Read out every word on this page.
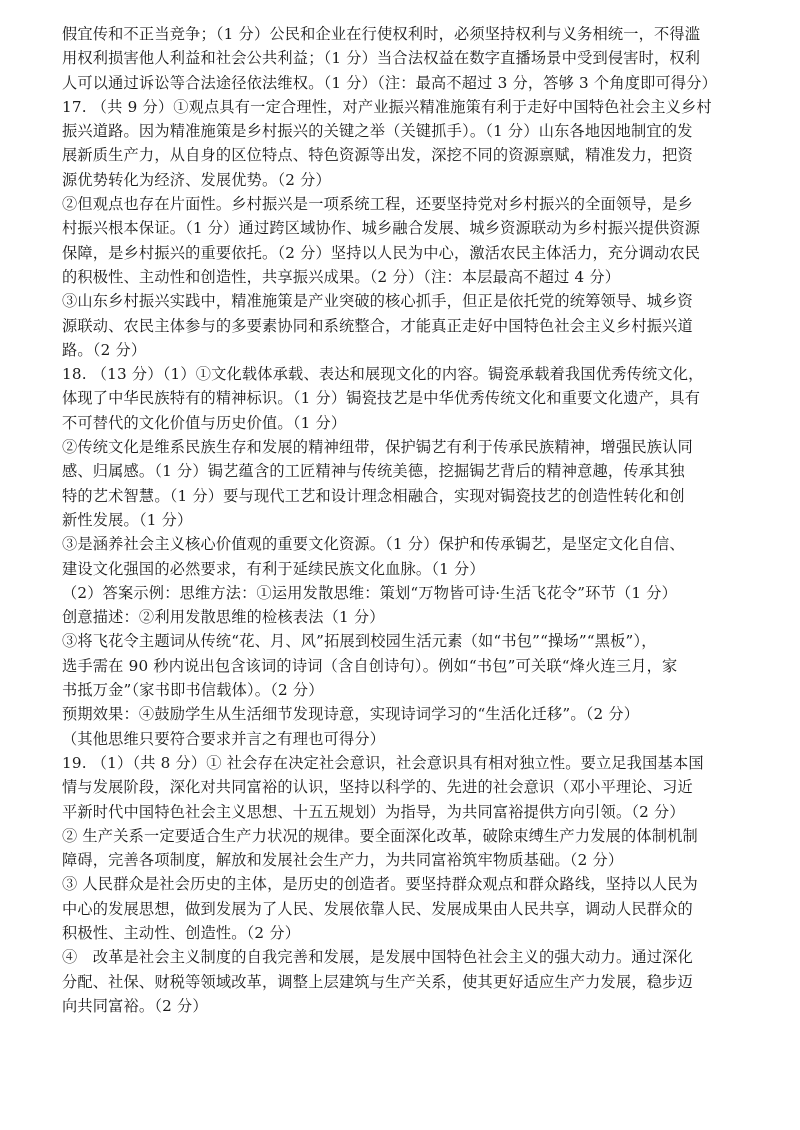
假宜传和不正当竞争；（1 分）公民和企业在行使权利时，必须坚持权利与义务相统一，不得滥
用权利损害他人利益和社会公共利益；（1 分）当合法权益在数字直播场景中受到侵害时，权利
人可以通过诉讼等合法途径依法维权。（1 分）（注：最高不超过 3 分，答够 3 个角度即可得分）
17. （共 9 分）①观点具有一定合理性，对产业振兴精准施策有利于走好中国特色社会主义乡村
振兴道路。因为精准施策是乡村振兴的关键之举（关键抓手）。（1 分）山东各地因地制宜的发
展新质生产力，从自身的区位特点、特色资源等出发，深挖不同的资源禀赋，精准发力，把资
源优势转化为经济、发展优势。（2 分）
②但观点也存在片面性。乡村振兴是一项系统工程，还要坚持党对乡村振兴的全面领导，是乡
村振兴根本保证。（1 分）通过跨区域协作、城乡融合发展、城乡资源联动为乡村振兴提供资源
保障，是乡村振兴的重要依托。（2 分）坚持以人民为中心，激活农民主体活力，充分调动农民
的积极性、主动性和创造性，共享振兴成果。（2 分）（注：本层最高不超过 4 分）
③山东乡村振兴实践中，精准施策是产业突破的核心抓手，但正是依托党的统筹领导、城乡资
源联动、农民主体参与的多要素协同和系统整合，才能真正走好中国特色社会主义乡村振兴道
路。（2 分）
18. （13 分）（1）①文化载体承载、表达和展现文化的内容。锔瓷承载着我国优秀传统文化，
体现了中华民族特有的精神标识。（1 分）锔瓷技艺是中华优秀传统文化和重要文化遗产，具有
不可替代的文化价值与历史价值。（1 分）
②传统文化是维系民族生存和发展的精神纽带，保护锔艺有利于传承民族精神，增强民族认同
感、归属感。（1 分）锔艺蕴含的工匠精神与传统美德，挖掘锔艺背后的精神意趣，传承其独
特的艺术智慧。（1 分）要与现代工艺和设计理念相融合，实现对锔瓷技艺的创造性转化和创
新性发展。（1 分）
③是涵养社会主义核心价值观的重要文化资源。（1 分）保护和传承锔艺，是坚定文化自信、
建设文化强国的必然要求，有利于延续民族文化血脉。（1 分）
（2）答案示例：思维方法：①运用发散思维：策划“万物皆可诗·生活飞花令”环节（1 分）
创意描述：②利用发散思维的检核表法（1 分）
③将飞花令主题词从传统“花、月、风”拓展到校园生活元素（如“书包”“操场”“黑板”），
选手需在 90 秒内说出包含该词的诗词（含自创诗句）。例如“书包”可关联“烽火连三月，家
书抵万金”（家书即书信载体）。（2 分）
预期效果：④鼓励学生从生活细节发现诗意，实现诗词学习的“生活化迁移”。（2 分）
（其他思维只要符合要求并言之有理也可得分）
19. （1）（共 8 分）① 社会存在决定社会意识，社会意识具有相对独立性。要立足我国基本国
情与发展阶段，深化对共同富裕的认识，坚持以科学的、先进的社会意识（邓小平理论、习近
平新时代中国特色社会主义思想、十五五规划）为指导，为共同富裕提供方向引领。（2 分）
② 生产关系一定要适合生产力状况的规律。要全面深化改革，破除束缚生产力发展的体制机制
障碍，完善各项制度，解放和发展社会生产力，为共同富裕筑牢物质基础。（2 分）
③ 人民群众是社会历史的主体，是历史的创造者。要坚持群众观点和群众路线，坚持以人民为
中心的发展思想，做到发展为了人民、发展依靠人民、发展成果由人民共享，调动人民群众的
积极性、主动性、创造性。（2 分）
④　改革是社会主义制度的自我完善和发展，是发展中国特色社会主义的强大动力。通过深化
分配、社保、财税等领域改革，调整上层建筑与生产关系，使其更好适应生产力发展，稳步迈
向共同富裕。（2 分）
